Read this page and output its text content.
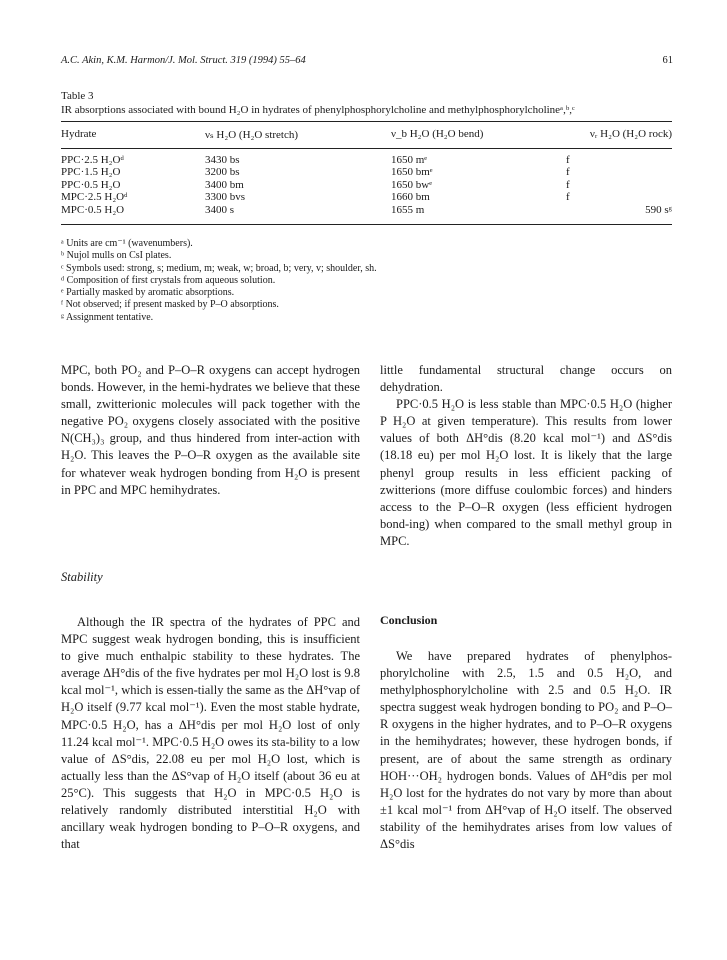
A.C. Akin, K.M. Harmon/J. Mol. Struct. 319 (1994) 55–64	61
Table 3
IR absorptions associated with bound H₂O in hydrates of phenylphosphorylcholine and methylphosphorylcholineᵃ,ᵇ,ᶜ
Hydrate	νₛ H₂O (H₂O stretch)	ν_b H₂O (H₂O bend)	νᵣ H₂O (H₂O rock)
PPC·2.5 H₂Oᵈ	3430 bs	1650 mᵉ	f
PPC·1.5 H₂O	3200 bs	1650 bmᵉ	f
PPC·0.5 H₂O	3400 bm	1650 bwᵉ	f
MPC·2.5 H₂Oᵈ	3300 bvs	1660 bm	f
MPC·0.5 H₂O	3400 s	1655 m	590 sᵍ
ᵃ Units are cm⁻¹ (wavenumbers).
ᵇ Nujol mulls on CsI plates.
ᶜ Symbols used: strong, s; medium, m; weak, w; broad, b; very, v; shoulder, sh.
ᵈ Composition of first crystals from aqueous solution.
ᵉ Partially masked by aromatic absorptions.
ᶠ Not observed; if present masked by P–O absorptions.
ᵍ Assignment tentative.

MPC, both PO₂ and P–O–R oxygens can accept hydrogen bonds. However, in the hemi-hydrates we believe that these small, zwitterionic molecules will pack together with the negative PO₂ oxygens closely associated with the positive N(CH₃)₃ group, and thus hindered from inter-action with H₂O. This leaves the P–O–R oxygen as the available site for whatever weak hydrogen bonding from H₂O is present in PPC and MPC hemihydrates.

Stability

Although the IR spectra of the hydrates of PPC and MPC suggest weak hydrogen bonding, this is insufficient to give much enthalpic stability to these hydrates. The average ΔH°dis of the five hydrates per mol H₂O lost is 9.8 kcal mol⁻¹, which is essen-tially the same as the ΔH°vap of H₂O itself (9.77 kcal mol⁻¹). Even the most stable hydrate, MPC·0.5 H₂O, has a ΔH°dis per mol H₂O lost of only 11.24 kcal mol⁻¹. MPC·0.5 H₂O owes its sta-bility to a low value of ΔS°dis, 22.08 eu per mol H₂O lost, which is actually less than the ΔS°vap of H₂O itself (about 36 eu at 25°C). This suggests that H₂O in MPC·0.5 H₂O is relatively randomly distributed interstitial H₂O with ancillary weak hydrogen bonding to P–O–R oxygens, and that

little fundamental structural change occurs on dehydration.

PPC·0.5 H₂O is less stable than MPC·0.5 H₂O (higher P H₂O at given temperature). This results from lower values of both ΔH°dis (8.20 kcal mol⁻¹) and ΔS°dis (18.18 eu) per mol H₂O lost. It is likely that the large phenyl group results in less efficient packing of zwitterions (more diffuse coulombic forces) and hinders access to the P–O–R oxygen (less efficient hydrogen bond-ing) when compared to the small methyl group in MPC.

Conclusion

We have prepared hydrates of phenylphos-phorylcholine with 2.5, 1.5 and 0.5 H₂O, and methylphosphorylcholine with 2.5 and 0.5 H₂O. IR spectra suggest weak hydrogen bonding to PO₂ and P–O–R oxygens in the higher hydrates, and to P–O–R oxygens in the hemihydrates; however, these hydrogen bonds, if present, are of about the same strength as ordinary HOH···OH₂ hydrogen bonds. Values of ΔH°dis per mol H₂O lost for the hydrates do not vary by more than about ±1 kcal mol⁻¹ from ΔH°vap of H₂O itself. The observed stability of the hemihydrates arises from low values of ΔS°dis
